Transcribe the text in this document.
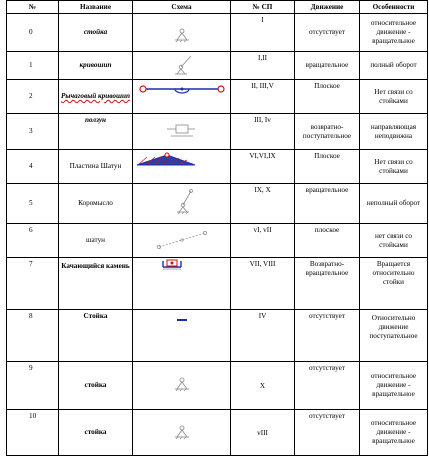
№	Название	Схема	№ СП	Движение	Особенности
0	стойка		I	отсутствует	относительное движение - вращательное
1	кривошип		I,II	вращательное	полный оборот
2	Рычаговый кривошип		II, III,V	Плоское	Нет связи со стойками
3	ползун		III, Iv	возвратно-поступательное	направляющая неподвижна
4	Пластина Шатун		VI,VI,IX	Плоское	Нет связи со стойками
5	Коромысло		IX, X	вращательное	неполный оборот
6	шатун		vI, vII	плоское	нет связи со стойками
7	Качающийся камень		VII, VIII	Возвратно-вращательное	Вращается относительно стойки
8	Стойка		IV	отсутствует	Относительно движение поступательное
9	стойка		X	отсутствует	относительное движение - вращательное
10	стойка		vIII	отсутствует	относительное движение - вращательное
